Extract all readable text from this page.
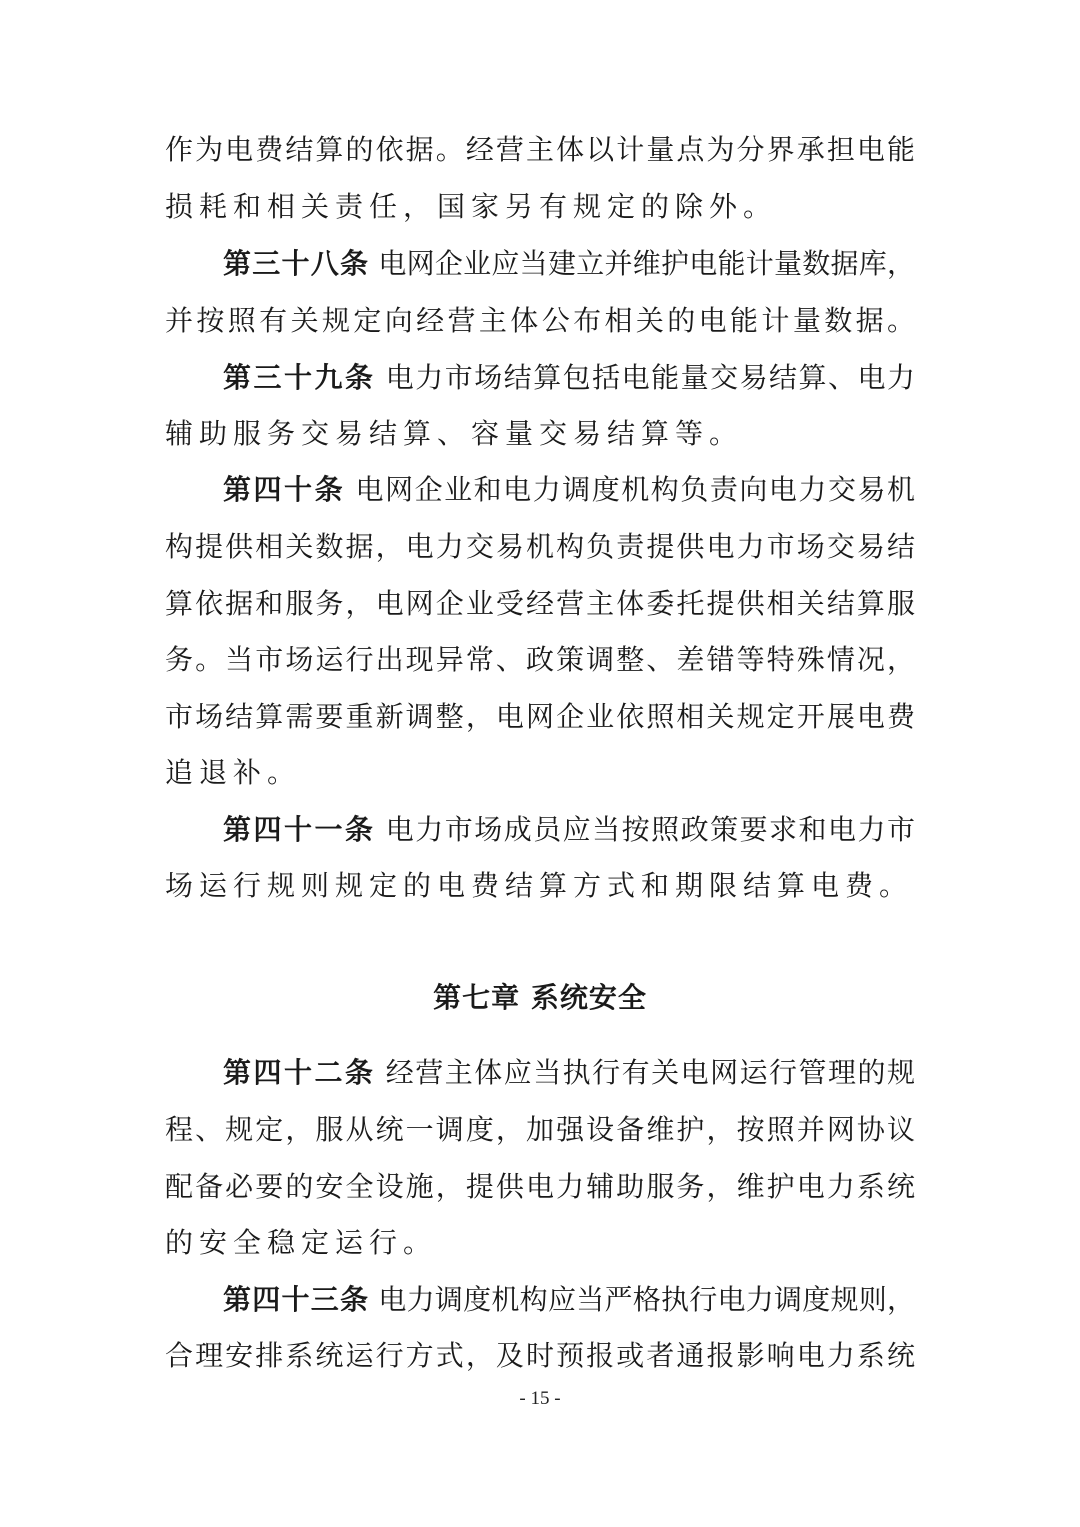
作为电费结算的依据。经营主体以计量点为分界承担电能
损耗和相关责任，国家另有规定的除外。
第三十八条 电网企业应当建立并维护电能计量数据库，
并按照有关规定向经营主体公布相关的电能计量数据。
第三十九条 电力市场结算包括电能量交易结算、电力
辅助服务交易结算、容量交易结算等。
第四十条 电网企业和电力调度机构负责向电力交易机
构提供相关数据，电力交易机构负责提供电力市场交易结
算依据和服务，电网企业受经营主体委托提供相关结算服
务。当市场运行出现异常、政策调整、差错等特殊情况，
市场结算需要重新调整，电网企业依照相关规定开展电费
追退补。
第四十一条 电力市场成员应当按照政策要求和电力市
场运行规则规定的电费结算方式和期限结算电费。
第七章 系统安全
第四十二条 经营主体应当执行有关电网运行管理的规
程、规定，服从统一调度，加强设备维护，按照并网协议
配备必要的安全设施，提供电力辅助服务，维护电力系统
的安全稳定运行。
第四十三条 电力调度机构应当严格执行电力调度规则，
合理安排系统运行方式，及时预报或者通报影响电力系统
- 15 -
